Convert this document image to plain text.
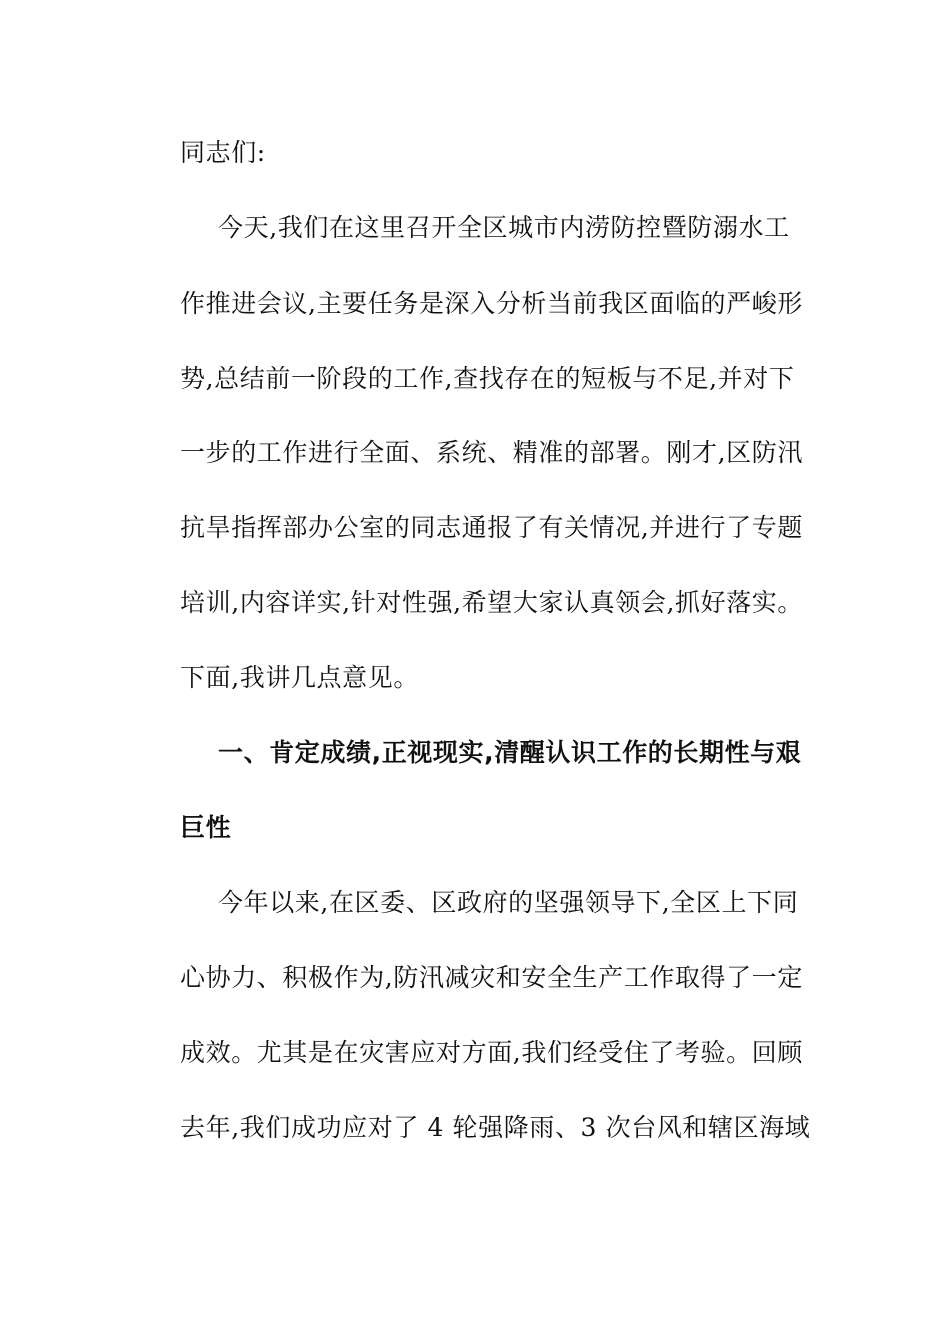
同志们:
今天,我们在这里召开全区城市内涝防控暨防溺水工
作推进会议,主要任务是深入分析当前我区面临的严峻形
势,总结前一阶段的工作,查找存在的短板与不足,并对下
一步的工作进行全面、系统、精准的部署。刚才,区防汛
抗旱指挥部办公室的同志通报了有关情况,并进行了专题
培训,内容详实,针对性强,希望大家认真领会,抓好落实。
下面,我讲几点意见。
一、肯定成绩,正视现实,清醒认识工作的长期性与艰
巨性
今年以来,在区委、区政府的坚强领导下,全区上下同
心协力、积极作为,防汛减灾和安全生产工作取得了一定
成效。尤其是在灾害应对方面,我们经受住了考验。回顾
去年,我们成功应对了 4 轮强降雨、3 次台风和辖区海域
